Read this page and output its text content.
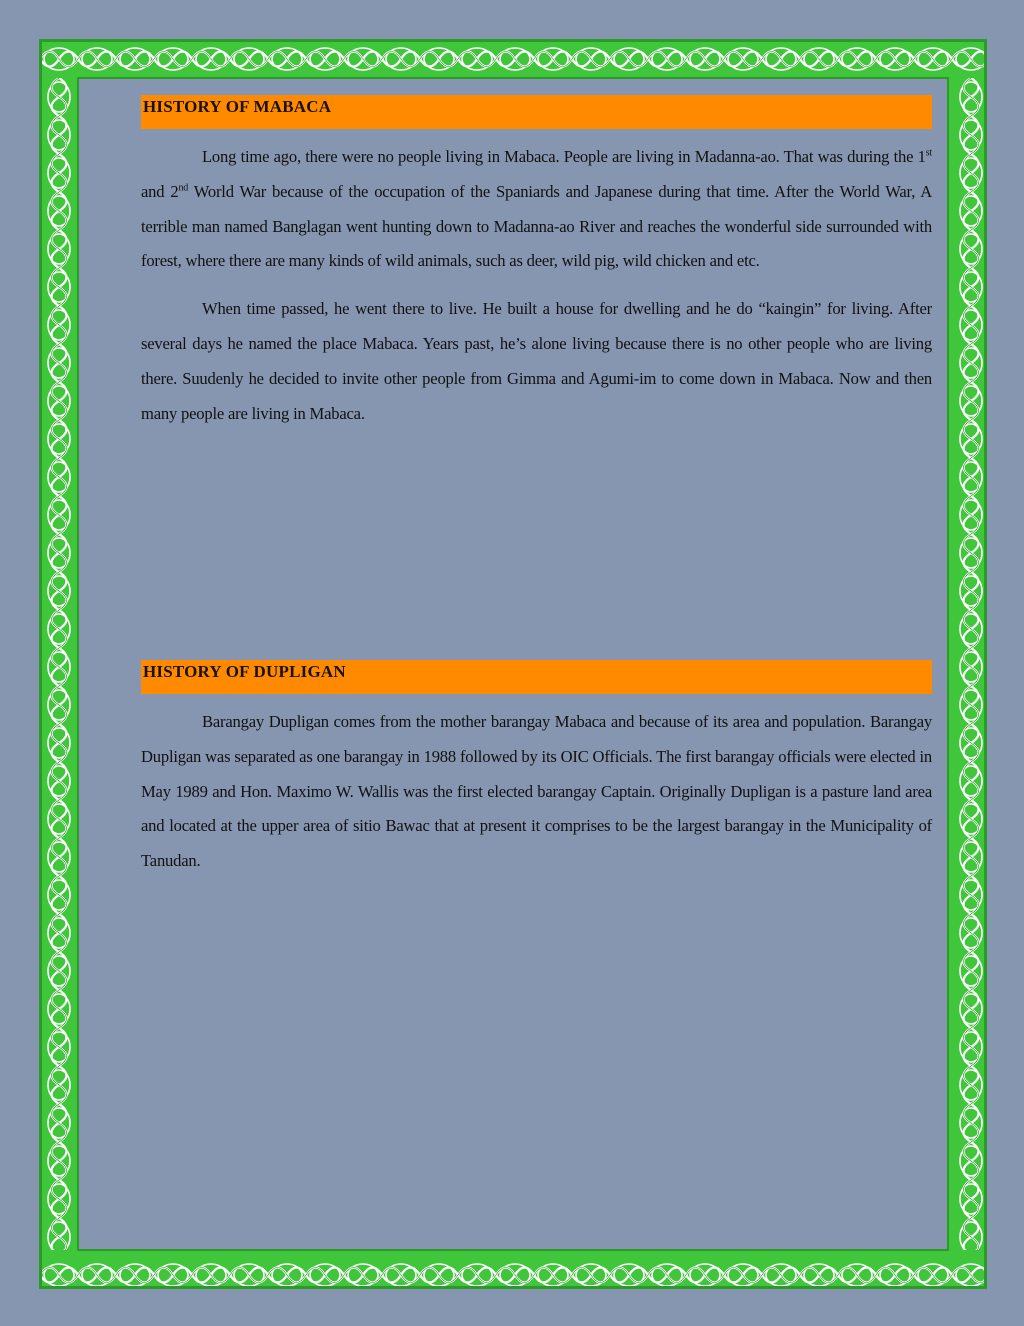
HISTORY OF MABACA

Long time ago, there were no people living in Mabaca. People are living in Madanna-ao. That was during the 1st and 2nd World War because of the occupation of the Spaniards and Japanese during that time. After the World War, A terrible man named Banglagan went hunting down to Madanna-ao River and reaches the wonderful side surrounded with forest, where there are many kinds of wild animals, such as deer, wild pig, wild chicken and etc.

When time passed, he went there to live. He built a house for dwelling and he do “kaingin” for living. After several days he named the place Mabaca. Years past, he’s alone living because there is no other people who are living there. Suudenly he decided to invite other people from Gimma and Agumi-im to come down in Mabaca. Now and then many people are living in Mabaca.

HISTORY OF DUPLIGAN

Barangay Dupligan comes from the mother barangay Mabaca and because of its area and population. Barangay Dupligan was separated as one barangay in 1988 followed by its OIC Officials. The first barangay officials were elected in May 1989 and Hon. Maximo W. Wallis was the first elected barangay Captain. Originally Dupligan is a pasture land area and located at the upper area of sitio Bawac that at present it comprises to be the largest barangay in the Municipality of Tanudan.
